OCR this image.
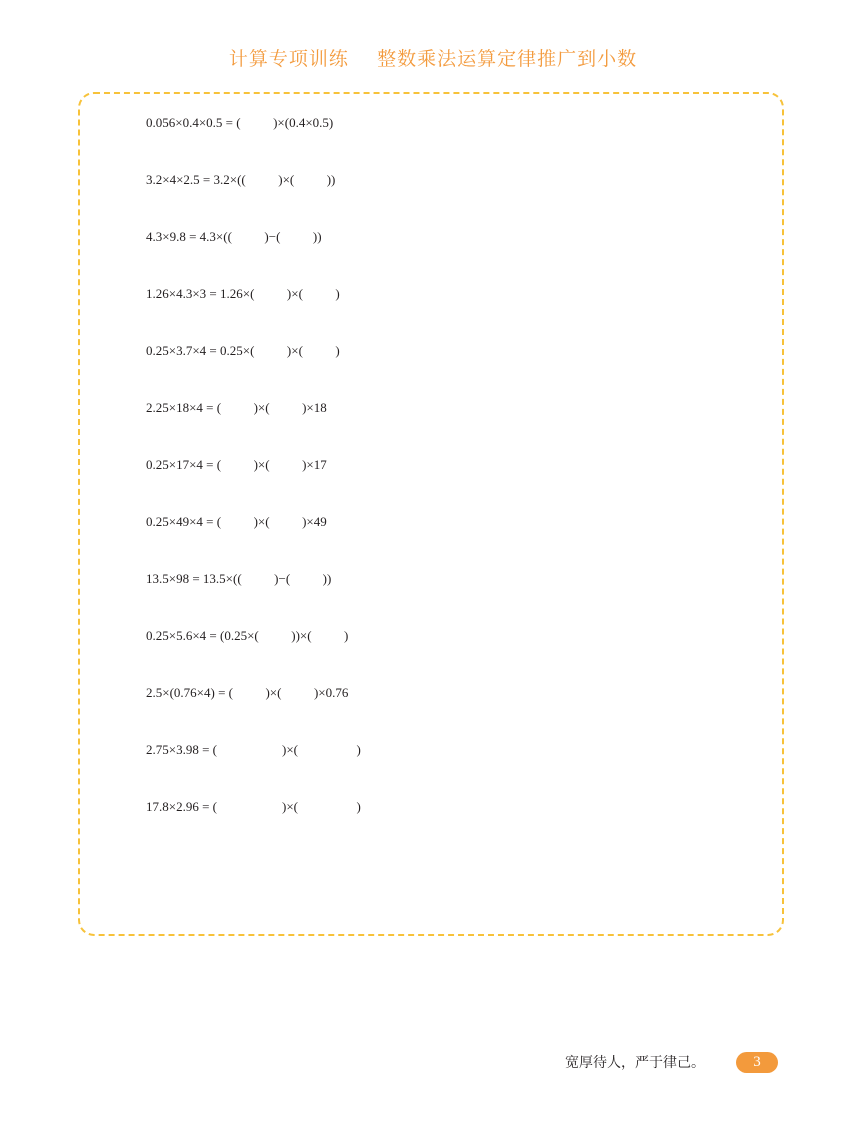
计算专项训练    整数乘法运算定律推广到小数
0.056×0.4×0.5 = (          )×(0.4×0.5)
3.2×4×2.5 = 3.2×((          )×(          ))
4.3×9.8 = 4.3×((          )−(          ))
1.26×4.3×3 = 1.26×(          )×(          )
0.25×3.7×4 = 0.25×(          )×(          )
2.25×18×4 = (          )×(          )×18
0.25×17×4 = (          )×(          )×17
0.25×49×4 = (          )×(          )×49
13.5×98 = 13.5×((          )−(          ))
0.25×5.6×4 = (0.25×(          ))×(          )
2.5×(0.76×4) = (          )×(          )×0.76
2.75×3.98 = (                    )×(                  )
17.8×2.96 = (                    )×(                  )
宽厚待人，严于律己。	3
